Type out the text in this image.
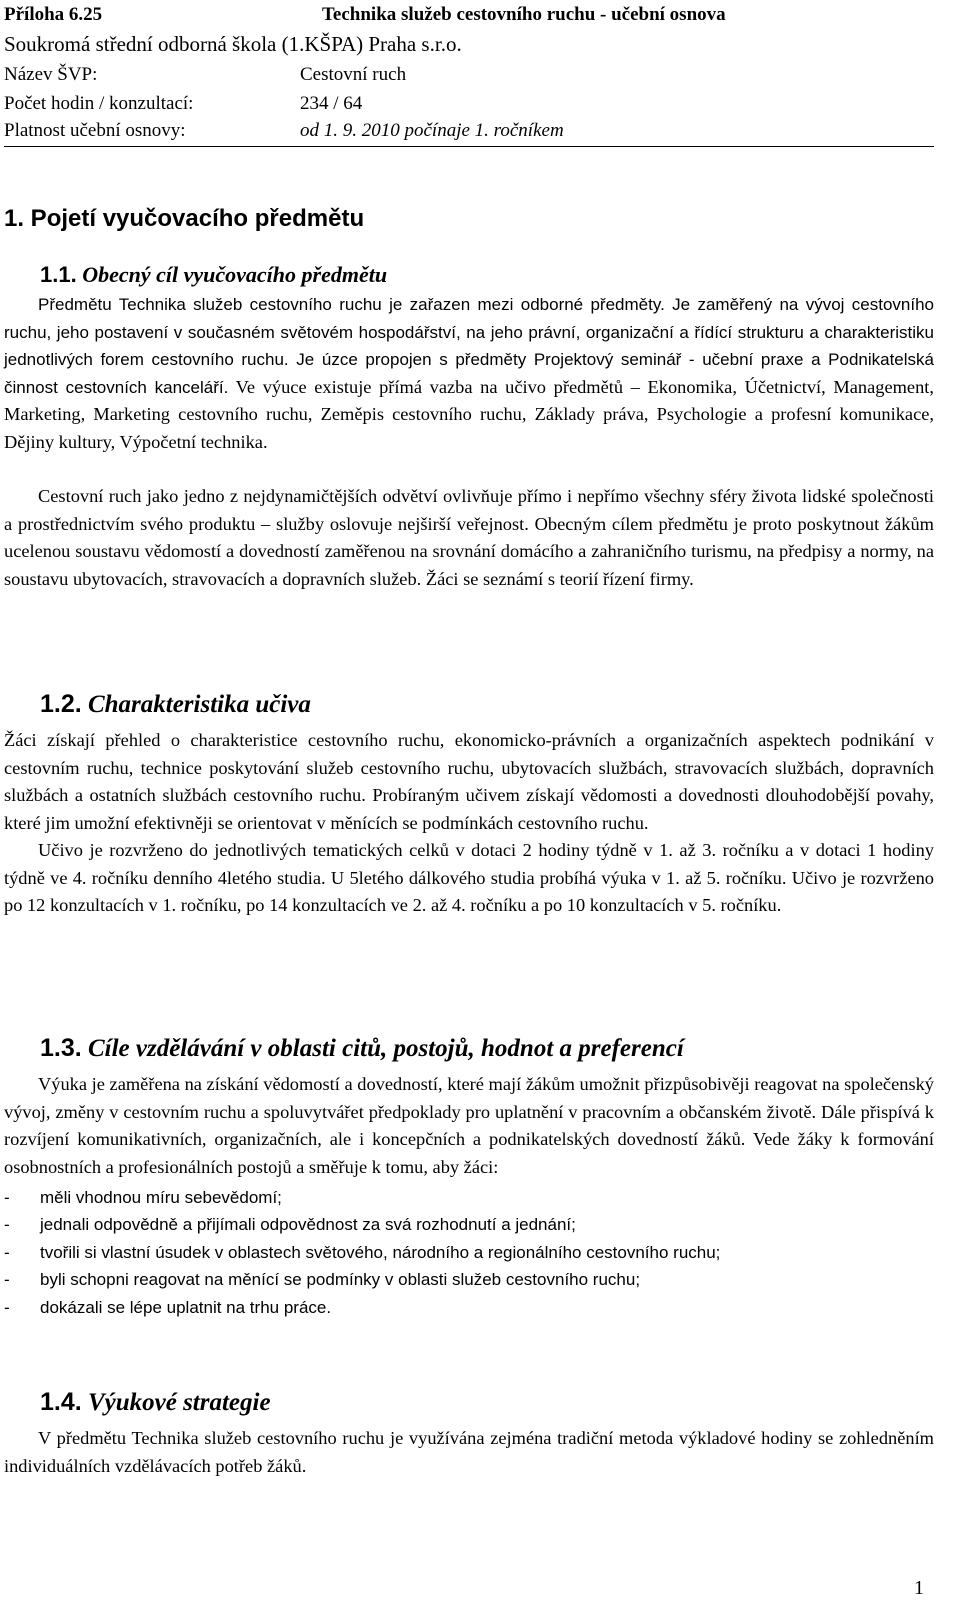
Příloha 6.25	Technika služeb cestovního ruchu - učební osnova
Soukromá střední odborná škola (1.KŠPA) Praha s.r.o.
Název ŠVP:	Cestovní ruch
Počet hodin / konzultací:	234 / 64
Platnost učební osnovy:	od 1. 9. 2010 počínaje 1. ročníkem
1. Pojetí vyučovacího předmětu
1.1. Obecný cíl vyučovacího předmětu

Předmětu Technika služeb cestovního ruchu je zařazen mezi odborné předměty. Je zaměřený na vývoj cestovního ruchu, jeho postavení v současném světovém hospodářství, na jeho právní, organizační a řídící strukturu a charakteristiku jednotlivých forem cestovního ruchu. Je úzce propojen s předměty Projektový seminář - učební praxe a Podnikatelská činnost cestovních kanceláří. Ve výuce existuje přímá vazba na učivo předmětů – Ekonomika, Účetnictví, Management, Marketing, Marketing cestovního ruchu, Zeměpis cestovního ruchu, Základy práva, Psychologie a profesní komunikace, Dějiny kultury, Výpočetní technika.

Cestovní ruch jako jedno z nejdynamičtějších odvětví ovlivňuje přímo i nepřímo všechny sféry života lidské společnosti a prostřednictvím svého produktu – služby oslovuje nejširší veřejnost. Obecným cílem předmětu je proto poskytnout žákům ucelenou soustavu vědomostí a dovedností zaměřenou na srovnání domácího a zahraničního turismu, na předpisy a normy, na soustavu ubytovacích, stravovacích a dopravních služeb. Žáci se seznámí s teorií řízení firmy.

1.2. Charakteristika učiva

Žáci získají přehled o charakteristice cestovního ruchu, ekonomicko-právních a organizačních aspektech podnikání v cestovním ruchu, technice poskytování služeb cestovního ruchu, ubytovacích službách, stravovacích službách, dopravních službách a ostatních službách cestovního ruchu. Probíraným učivem získají vědomosti a dovednosti dlouhodobější povahy, které jim umožní efektivněji se orientovat v měnících se podmínkách cestovního ruchu.

Učivo je rozvrženo do jednotlivých tematických celků v dotaci 2 hodiny týdně v 1. až 3. ročníku a v dotaci 1 hodiny týdně ve 4. ročníku denního 4letého studia. U 5letého dálkového studia probíhá výuka v 1. až 5. ročníku. Učivo je rozvrženo po 12 konzultacích v 1. ročníku, po 14 konzultacích ve 2. až 4. ročníku a po 10 konzultacích v 5. ročníku.

1.3. Cíle vzdělávání v oblasti citů, postojů, hodnot a preferencí

Výuka je zaměřena na získání vědomostí a dovedností, které mají žákům umožnit přizpůsobivěji reagovat na společenský vývoj, změny v cestovním ruchu a spoluvytvářet předpoklady pro uplatnění v pracovním a občanském životě. Dále přispívá k rozvíjení komunikativních, organizačních, ale i koncepčních a podnikatelských dovedností žáků. Vede žáky k formování osobnostních a profesionálních postojů a směřuje k tomu, aby žáci:

- měli vhodnou míru sebevědomí;
- jednali odpovědně a přijímali odpovědnost za svá rozhodnutí a jednání;
- tvořili si vlastní úsudek v oblastech světového, národního a regionálního cestovního ruchu;
- byli schopni reagovat na měnící se podmínky v oblasti služeb cestovního ruchu;
- dokázali se lépe uplatnit na trhu práce.
1.4. Výukové strategie

V předmětu Technika služeb cestovního ruchu je využívána zejména tradiční metoda výkladové hodiny se zohledněním individuálních vzdělávacích potřeb žáků.

1
